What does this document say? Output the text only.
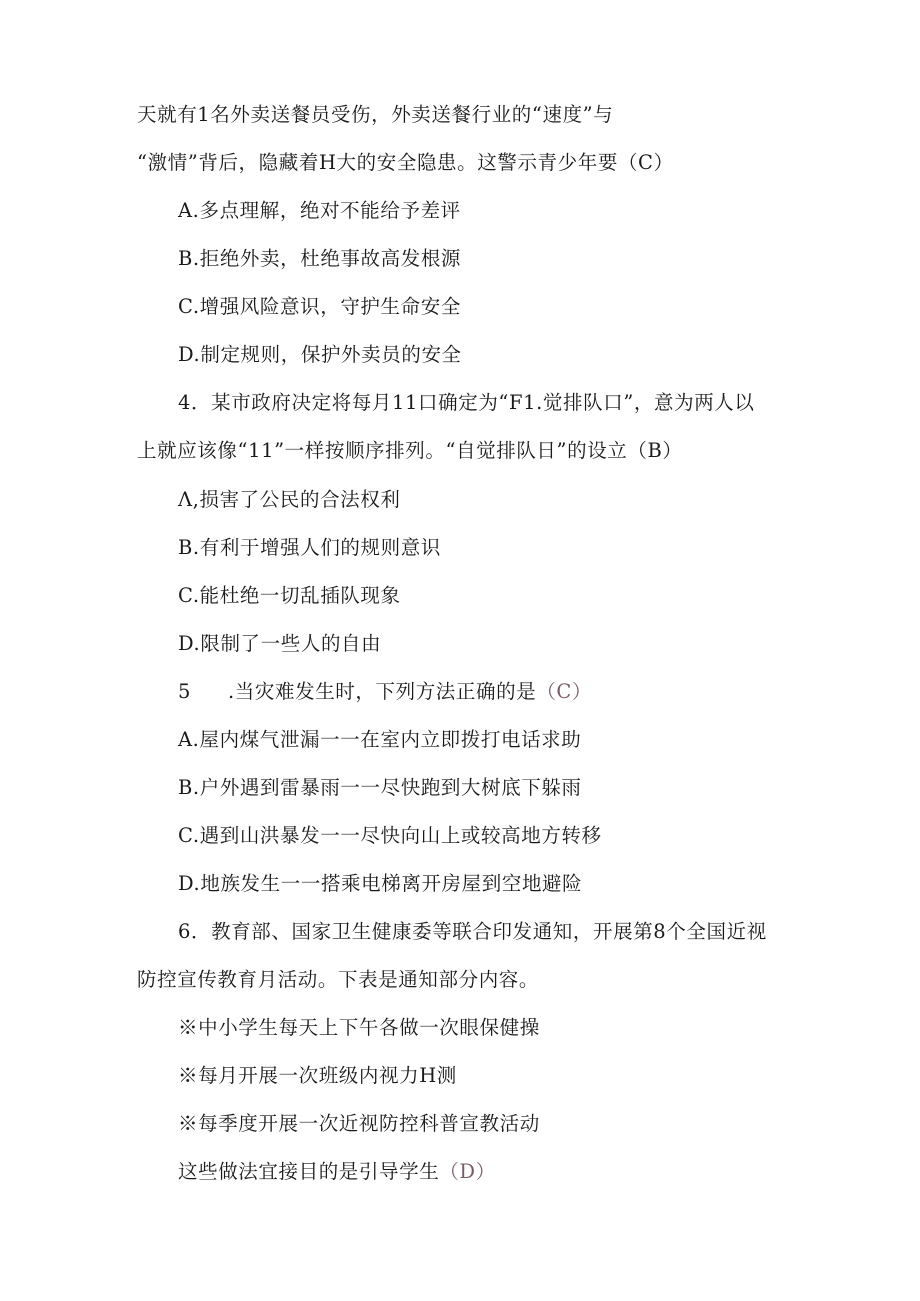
天就有1名外卖送餐员受伤，外卖送餐行业的“速度”与
“激情”背后，隐藏着H大的安全隐患。这警示青少年要（C）
A.多点理解，绝对不能给予差评
B.拒绝外卖，杜绝事故高发根源
C.增强风险意识，守护生命安全
D.制定规则，保护外卖员的安全
4．某市政府决定将每月11口确定为“F1.觉排队口”，意为两人以
上就应该像“11”一样按顺序排列。“自觉排队日”的设立（B）
Λ,损害了公民的合法权利
B.有利于增强人们的规则意识
C.能杜绝一切乱插队现象
D.限制了一些人的自由
5 .当灾难发生时，下列方法正确的是（C）
A.屋内煤气泄漏一一在室内立即拨打电话求助
B.户外遇到雷暴雨一一尽快跑到大树底下躲雨
C.遇到山洪暴发一一尽快向山上或较高地方转移
D.地族发生一一搭乘电梯离开房屋到空地避险
6．教育部、国家卫生健康委等联合印发通知，开展第8个全国近视
防控宣传教育月活动。下表是通知部分内容。
※中小学生每天上下午各做一次眼保健操
※每月开展一次班级内视力H测
※每季度开展一次近视防控科普宣教活动
这些做法宜接目的是引导学生（D）
